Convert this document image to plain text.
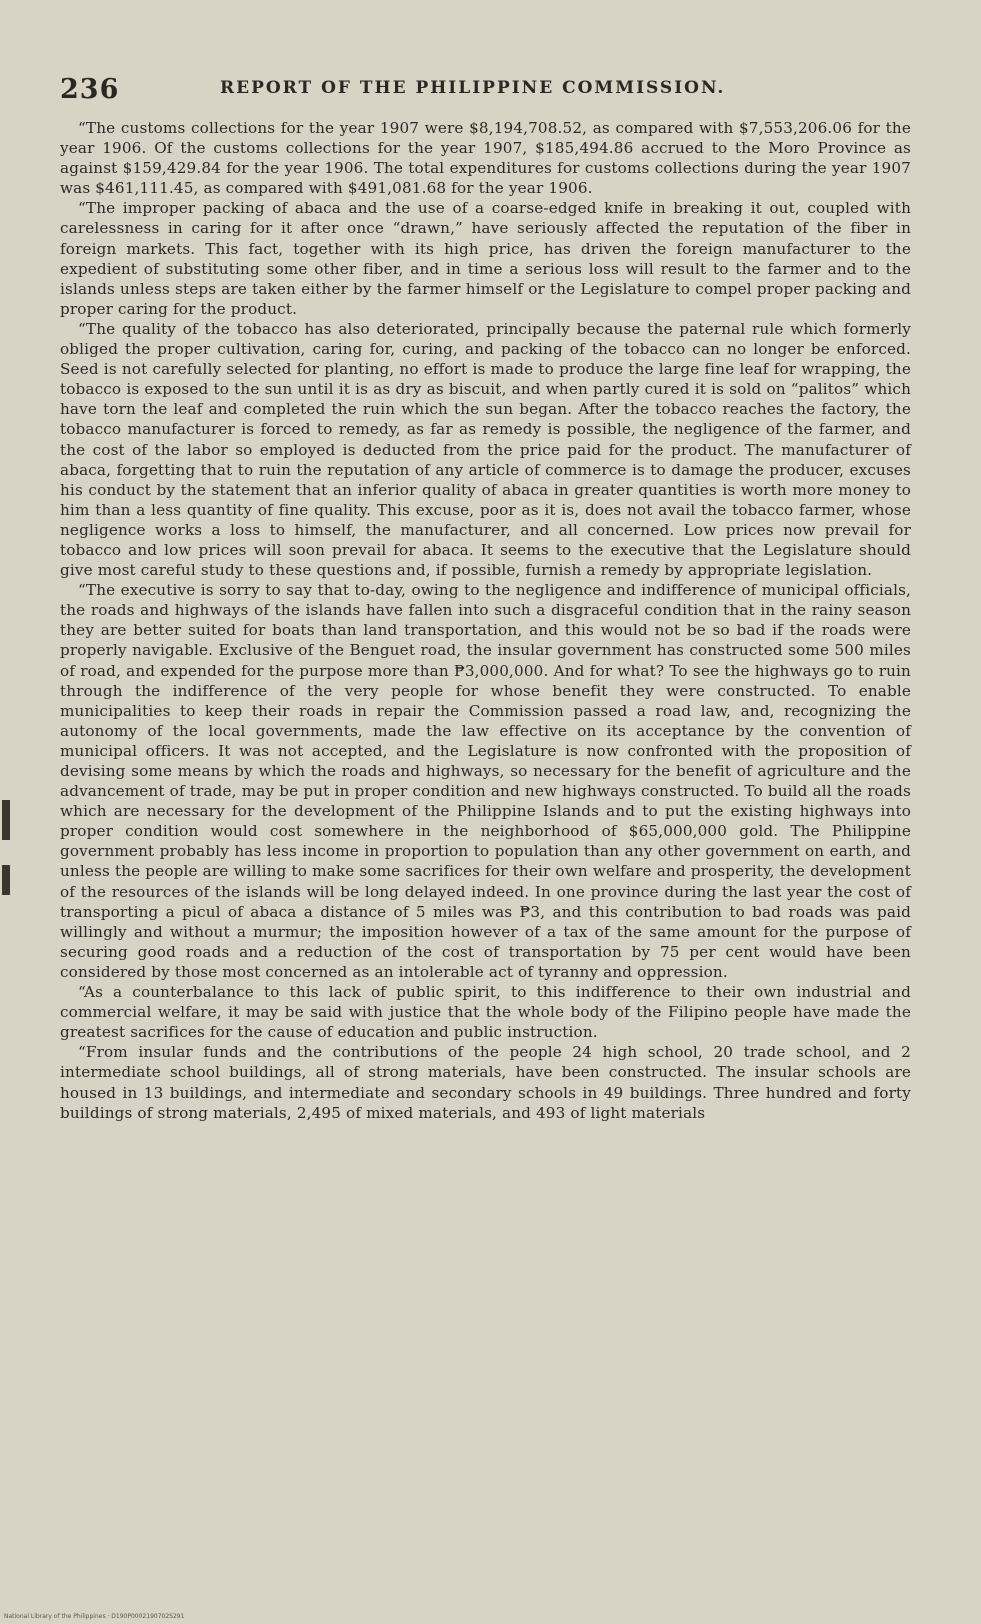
236	REPORT OF THE PHILIPPINE COMMISSION.

“The customs collections for the year 1907 were $8,194,708.52, as compared with $7,553,206.06 for the year 1906. Of the customs collections for the year 1907, $185,494.86 accrued to the Moro Province as against $159,429.84 for the year 1906. The total expenditures for customs collections during the year 1907 was $461,111.45, as compared with $491,081.68 for the year 1906.

“The improper packing of abaca and the use of a coarse-edged knife in breaking it out, coupled with carelessness in caring for it after once “drawn,” have seriously affected the reputation of the fiber in foreign markets. This fact, together with its high price, has driven the foreign manufacturer to the expedient of substituting some other fiber, and in time a serious loss will result to the farmer and to the islands unless steps are taken either by the farmer himself or the Legislature to compel proper packing and proper caring for the product.

“The quality of the tobacco has also deteriorated, principally because the paternal rule which formerly obliged the proper cultivation, caring for, curing, and packing of the tobacco can no longer be enforced. Seed is not carefully selected for planting, no effort is made to produce the large fine leaf for wrapping, the tobacco is exposed to the sun until it is as dry as biscuit, and when partly cured it is sold on “palitos” which have torn the leaf and completed the ruin which the sun began. After the tobacco reaches the factory, the tobacco manufacturer is forced to remedy, as far as remedy is possible, the negligence of the farmer, and the cost of the labor so employed is deducted from the price paid for the product. The manufacturer of abaca, forgetting that to ruin the reputation of any article of commerce is to damage the producer, excuses his conduct by the statement that an inferior quality of abaca in greater quantities is worth more money to him than a less quantity of fine quality. This excuse, poor as it is, does not avail the tobacco farmer, whose negligence works a loss to himself, the manufacturer, and all concerned. Low prices now prevail for tobacco and low prices will soon prevail for abaca. It seems to the executive that the Legislature should give most careful study to these questions and, if possible, furnish a remedy by appropriate legislation.

“The executive is sorry to say that to-day, owing to the negligence and indifference of municipal officials, the roads and highways of the islands have fallen into such a disgraceful condition that in the rainy season they are better suited for boats than land transportation, and this would not be so bad if the roads were properly navigable. Exclusive of the Benguet road, the insular government has constructed some 500 miles of road, and expended for the purpose more than ₱3,000,000. And for what? To see the highways go to ruin through the indifference of the very people for whose benefit they were constructed. To enable municipalities to keep their roads in repair the Commission passed a road law, and, recognizing the autonomy of the local governments, made the law effective on its acceptance by the convention of municipal officers. It was not accepted, and the Legislature is now confronted with the proposition of devising some means by which the roads and highways, so necessary for the benefit of agriculture and the advancement of trade, may be put in proper condition and new highways constructed. To build all the roads which are necessary for the development of the Philippine Islands and to put the existing highways into proper condition would cost somewhere in the neighborhood of $65,000,000 gold. The Philippine government probably has less income in proportion to population than any other government on earth, and unless the people are willing to make some sacrifices for their own welfare and prosperity, the development of the resources of the islands will be long delayed indeed. In one province during the last year the cost of transporting a picul of abaca a distance of 5 miles was ₱3, and this contribution to bad roads was paid willingly and without a murmur; the imposition however of a tax of the same amount for the purpose of securing good roads and a reduction of the cost of transportation by 75 per cent would have been considered by those most concerned as an intolerable act of tyranny and oppression.

“As a counterbalance to this lack of public spirit, to this indifference to their own industrial and commercial welfare, it may be said with justice that the whole body of the Filipino people have made the greatest sacrifices for the cause of education and public instruction.

“From insular funds and the contributions of the people 24 high school, 20 trade school, and 2 intermediate school buildings, all of strong materials, have been constructed. The insular schools are housed in 13 buildings, and intermediate and secondary schools in 49 buildings. Three hundred and forty buildings of strong materials, 2,495 of mixed materials, and 493 of light materials

National Library of the Philippines · D190P0002190702S291
